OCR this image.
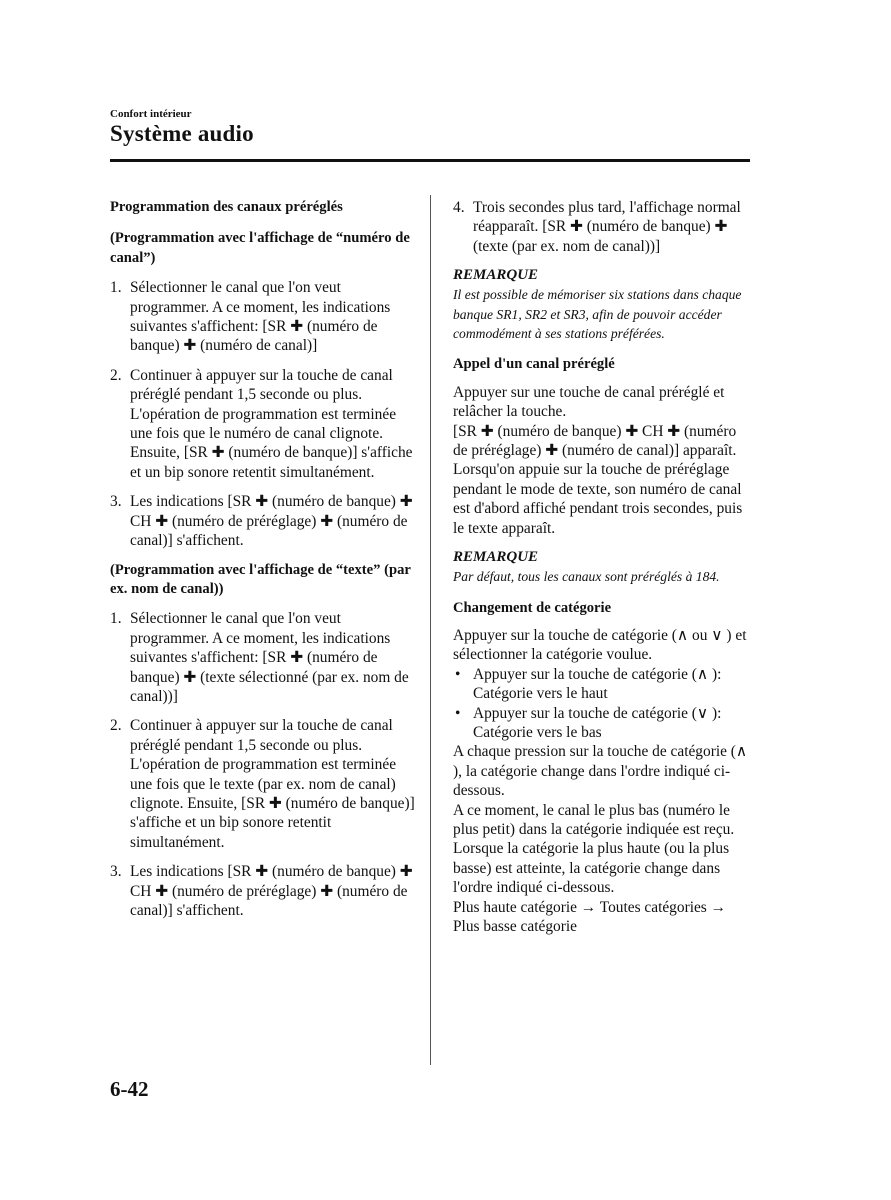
Confort intérieur
Système audio
Programmation des canaux préréglés
(Programmation avec l'affichage de “numéro de canal”)
1. Sélectionner le canal que l'on veut programmer. A ce moment, les indications suivantes s'affichent: [SR ✚ (numéro de banque) ✚ (numéro de canal)]
2. Continuer à appuyer sur la touche de canal préréglé pendant 1,5 seconde ou plus.
L'opération de programmation est terminée une fois que le numéro de canal clignote. Ensuite, [SR ✚ (numéro de banque)] s'affiche et un bip sonore retentit simultanément.
3. Les indications [SR ✚ (numéro de banque) ✚ CH ✚ (numéro de préréglage) ✚ (numéro de canal)] s'affichent.
(Programmation avec l'affichage de “texte” (par ex. nom de canal))
1. Sélectionner le canal que l'on veut programmer. A ce moment, les indications suivantes s'affichent: [SR ✚ (numéro de banque) ✚ (texte sélectionné (par ex. nom de canal))]
2. Continuer à appuyer sur la touche de canal préréglé pendant 1,5 seconde ou plus.
L'opération de programmation est terminée une fois que le texte (par ex. nom de canal) clignote. Ensuite, [SR ✚ (numéro de banque)] s'affiche et un bip sonore retentit simultanément.
3. Les indications [SR ✚ (numéro de banque) ✚ CH ✚ (numéro de préréglage) ✚ (numéro de canal)] s'affichent.
4. Trois secondes plus tard, l'affichage normal réapparaît. [SR ✚ (numéro de banque) ✚ (texte (par ex. nom de canal))]
REMARQUE
Il est possible de mémoriser six stations dans chaque banque SR1, SR2 et SR3, afin de pouvoir accéder commodément à ses stations préférées.
Appel d'un canal préréglé
Appuyer sur une touche de canal préréglé et relâcher la touche.
[SR ✚ (numéro de banque) ✚ CH ✚ (numéro de préréglage) ✚ (numéro de canal)] apparaît.
Lorsqu'on appuie sur la touche de préréglage pendant le mode de texte, son numéro de canal est d'abord affiché pendant trois secondes, puis le texte apparaît.
REMARQUE
Par défaut, tous les canaux sont préréglés à 184.
Changement de catégorie
Appuyer sur la touche de catégorie (∧ ou ∨ ) et sélectionner la catégorie voulue.
• Appuyer sur la touche de catégorie (∧ ): Catégorie vers le haut
• Appuyer sur la touche de catégorie (∨ ): Catégorie vers le bas
A chaque pression sur la touche de catégorie (∧ ), la catégorie change dans l'ordre indiqué ci-dessous.
A ce moment, le canal le plus bas (numéro le plus petit) dans la catégorie indiquée est reçu.
Lorsque la catégorie la plus haute (ou la plus basse) est atteinte, la catégorie change dans l'ordre indiqué ci-dessous.
Plus haute catégorie → Toutes catégories → Plus basse catégorie
6-42
